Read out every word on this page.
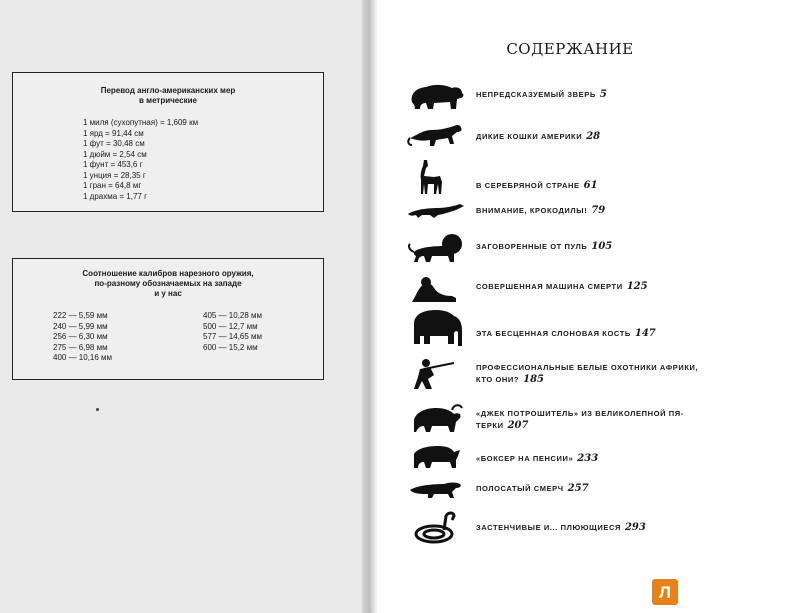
Перевод англо-американских мер
в метрические
1 миля (сухопутная) = 1,609 км
1 ярд = 91,44 см
1 фут = 30,48 см
1 дюйм = 2,54 см
1 фунт = 453,6 г
1 унция = 28,35 г
1 гран = 64,8 мг
1 драхма = 1,77 г
Соотношение калибров нарезного оружия,
по-разному обозначаемых на западе
и у нас
222 — 5,59 мм	405 — 10,28 мм
240 — 5,99 мм	500 — 12,7 мм
256 — 6,30 мм	577 — 14,65 мм
275 — 6,98 мм	600 — 15,2 мм
400 — 10,16 мм
СОДЕРЖАНИЕ
НЕПРЕДСКАЗУЕМЫЙ ЗВЕРЬ 5
ДИКИЕ КОШКИ АМЕРИКИ 28
В СЕРЕБРЯНОЙ СТРАНЕ 61
ВНИМАНИЕ, КРОКОДИЛЫ! 79
ЗАГОВОРЕННЫЕ ОТ ПУЛЬ 105
СОВЕРШЕННАЯ МАШИНА СМЕРТИ 125
ЭТА БЕСЦЕННАЯ СЛОНОВАЯ КОСТЬ 147
ПРОФЕССИОНАЛЬНЫЕ БЕЛЫЕ ОХОТНИКИ АФРИКИ,
КТО ОНИ? 185
«ДЖЕК ПОТРОШИТЕЛЬ» ИЗ ВЕЛИКОЛЕПНОЙ ПЯ-
ТЕРКИ 207
«БОКСЕР НА ПЕНСИИ» 233
ПОЛОСАТЫЙ СМЕРЧ 257
ЗАСТЕНЧИВЫЕ И... ПЛЮЮЩИЕСЯ 293
Л
